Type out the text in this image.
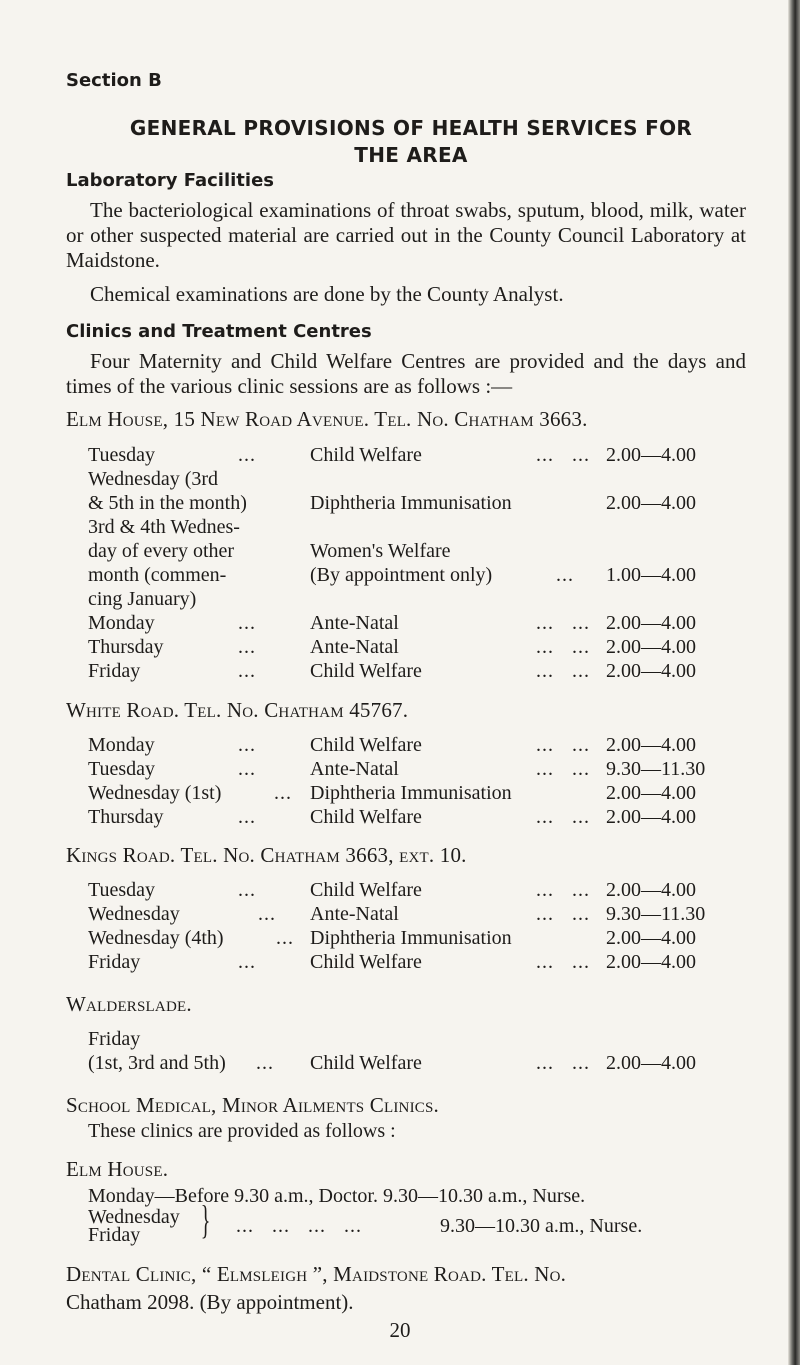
Section B
GENERAL PROVISIONS OF HEALTH SERVICES FOR
THE AREA
Laboratory Facilities
The bacteriological examinations of throat swabs, sputum, blood, milk, water or other suspected material are carried out in the County Council Laboratory at Maidstone.
Chemical examinations are done by the County Analyst.
Clinics and Treatment Centres
Four Maternity and Child Welfare Centres are provided and the days and times of the various clinic sessions are as follows :—
Elm House, 15 New Road Avenue. Tel. No. Chatham 3663.
Tuesday	...	Child Welfare	...   ... 2.00—4.00
Wednesday (3rd
& 5th in the month)	Diphtheria Immunisation	2.00—4.00
3rd & 4th Wednes-
day of every other	Women's Welfare
month (commen-	(By appointment only)	... 1.00—4.00
cing January)
Monday	...	Ante-Natal	...   ... 2.00—4.00
Thursday	...	Ante-Natal	...   ... 2.00—4.00
Friday	...	Child Welfare	...   ... 2.00—4.00
White Road. Tel. No. Chatham 45767.
Monday	...	Child Welfare	...   ... 2.00—4.00
Tuesday	...	Ante-Natal	...   ... 9.30—11.30
Wednesday (1st)	... Diphtheria Immunisation	2.00—4.00
Thursday	...	Child Welfare	...   ... 2.00—4.00
Kings Road. Tel. No. Chatham 3663, ext. 10.
Tuesday	...	Child Welfare	...   ... 2.00—4.00
Wednesday	... Ante-Natal	...   ... 9.30—11.30
Wednesday (4th)	... Diphtheria Immunisation	2.00—4.00
Friday	...	Child Welfare	...   ... 2.00—4.00
Walderslade.
Friday
(1st, 3rd and 5th) ... Child Welfare	...   ... 2.00—4.00
School Medical, Minor Ailments Clinics.
These clinics are provided as follows :
Elm House.
Monday—Before 9.30 a.m., Doctor. 9.30—10.30 a.m., Nurse.
Wednesday
Friday } ...   ...   ...   ...	9.30—10.30 a.m., Nurse.
Dental Clinic, “ Elmsleigh ”, Maidstone Road. Tel. No.
Chatham 2098. (By appointment).
20
